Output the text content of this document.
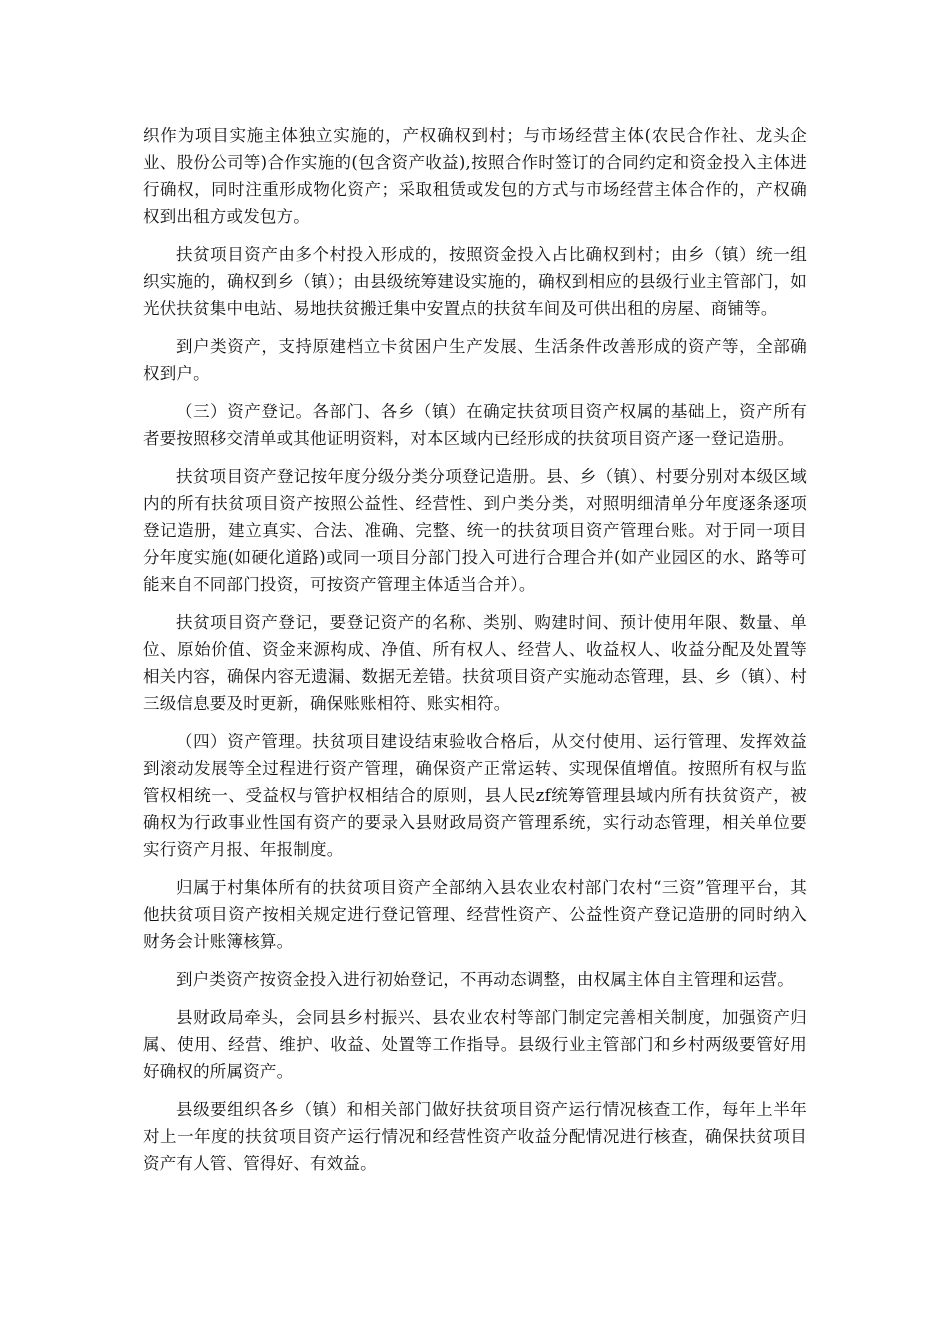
织作为项目实施主体独立实施的，产权确权到村；与市场经营主体(农民合作社、龙头企业、股份公司等)合作实施的(包含资产收益),按照合作时签订的合同约定和资金投入主体进行确权，同时注重形成物化资产；采取租赁或发包的方式与市场经营主体合作的，产权确权到出租方或发包方。

扶贫项目资产由多个村投入形成的，按照资金投入占比确权到村；由乡（镇）统一组织实施的，确权到乡（镇）；由县级统筹建设实施的，确权到相应的县级行业主管部门，如光伏扶贫集中电站、易地扶贫搬迁集中安置点的扶贫车间及可供出租的房屋、商铺等。

到户类资产，支持原建档立卡贫困户生产发展、生活条件改善形成的资产等，全部确权到户。

（三）资产登记。各部门、各乡（镇）在确定扶贫项目资产权属的基础上，资产所有者要按照移交清单或其他证明资料，对本区域内已经形成的扶贫项目资产逐一登记造册。

扶贫项目资产登记按年度分级分类分项登记造册。县、乡（镇）、村要分别对本级区域内的所有扶贫项目资产按照公益性、经营性、到户类分类，对照明细清单分年度逐条逐项登记造册，建立真实、合法、准确、完整、统一的扶贫项目资产管理台账。对于同一项目分年度实施(如硬化道路)或同一项目分部门投入可进行合理合并(如产业园区的水、路等可能来自不同部门投资，可按资产管理主体适当合并）。

扶贫项目资产登记，要登记资产的名称、类别、购建时间、预计使用年限、数量、单位、原始价值、资金来源构成、净值、所有权人、经营人、收益权人、收益分配及处置等相关内容，确保内容无遗漏、数据无差错。扶贫项目资产实施动态管理，县、乡（镇）、村三级信息要及时更新，确保账账相符、账实相符。

（四）资产管理。扶贫项目建设结束验收合格后，从交付使用、运行管理、发挥效益到滚动发展等全过程进行资产管理，确保资产正常运转、实现保值增值。按照所有权与监管权相统一、受益权与管护权相结合的原则，县人民zf统筹管理县域内所有扶贫资产，被确权为行政事业性国有资产的要录入县财政局资产管理系统，实行动态管理，相关单位要实行资产月报、年报制度。

归属于村集体所有的扶贫项目资产全部纳入县农业农村部门农村“三资”管理平台，其他扶贫项目资产按相关规定进行登记管理、经营性资产、公益性资产登记造册的同时纳入财务会计账簿核算。

到户类资产按资金投入进行初始登记，不再动态调整，由权属主体自主管理和运营。

县财政局牵头，会同县乡村振兴、县农业农村等部门制定完善相关制度，加强资产归属、使用、经营、维护、收益、处置等工作指导。县级行业主管部门和乡村两级要管好用好确权的所属资产。

县级要组织各乡（镇）和相关部门做好扶贫项目资产运行情况核查工作，每年上半年对上一年度的扶贫项目资产运行情况和经营性资产收益分配情况进行核查，确保扶贫项目资产有人管、管得好、有效益。
